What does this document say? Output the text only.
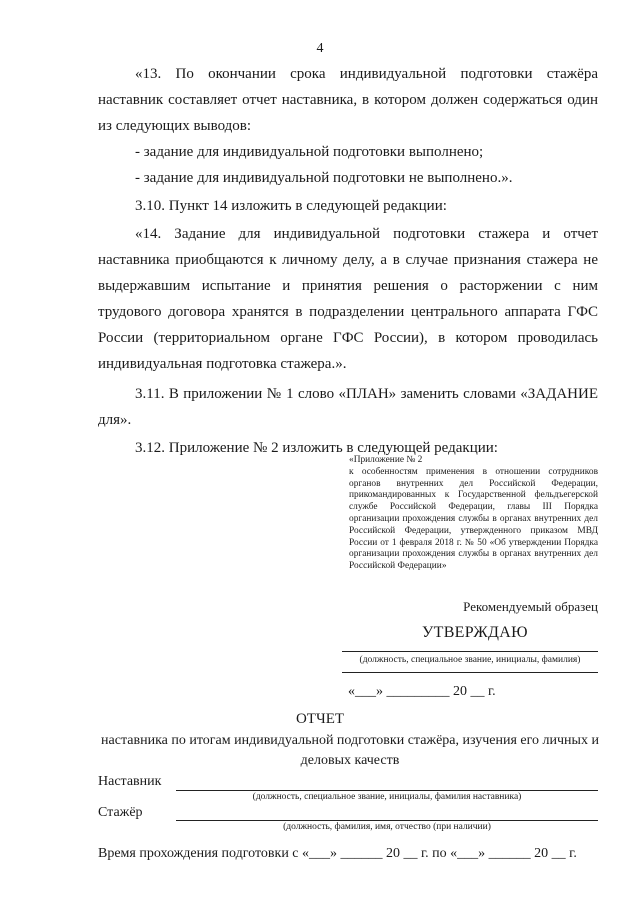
4

«13. По окончании срока индивидуальной подготовки стажёра наставник составляет отчет наставника, в котором должен содержаться один из следующих выводов:

- задание для индивидуальной подготовки выполнено;

- задание для индивидуальной подготовки не выполнено.».

3.10. Пункт 14 изложить в следующей редакции:

«14. Задание для индивидуальной подготовки стажера и отчет наставника приобщаются к личному делу, а в случае признания стажера не выдержавшим испытание и принятия решения о расторжении с ним трудового договора хранятся в подразделении центрального аппарата ГФС России (территориальном органе ГФС России), в котором проводилась индивидуальная подготовка стажера.».

3.11. В приложении № 1 слово «ПЛАН» заменить словами «ЗАДАНИЕ для».

3.12. Приложение № 2 изложить в следующей редакции:

«Приложение № 2

к особенностям применения в отношении сотрудников органов внутренних дел Российской Федерации, прикомандированных к Государственной фельдъегерской службе Российской Федерации, главы III Порядка организации прохождения службы в органах внутренних дел Российской Федерации, утвержденного приказом МВД России от 1 февраля 2018 г. № 50 «Об утверждении Порядка организации прохождения службы в органах внутренних дел Российской Федерации»

Рекомендуемый образец
УТВЕРЖДАЮ
(должность, специальное звание, инициалы, фамилия)
«___» _________ 20 __ г.
ОТЧЕТ
наставника по итогам индивидуальной подготовки стажёра, изучения его личных и деловых качеств
Наставник
(должность, специальное звание, инициалы, фамилия наставника)
Стажёр
(должность, фамилия, имя, отчество (при наличии)
Время прохождения подготовки с «___» ______ 20 __ г. по «___» ______ 20 __ г.
